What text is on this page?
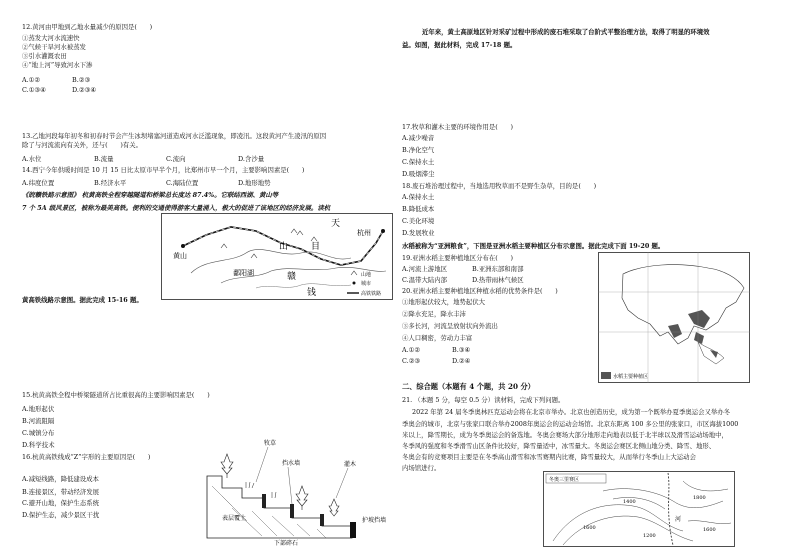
12.黄河由甲地到乙地水量减少的原因是(　　)
①蒸发大河水流速快
②气候干旱河水被蒸发
③引水灌溉农田
④“地上河”导致河水下渗
A.①②	B.②③
C.①③④	D.②③④
13.乙地河段每年初冬和初春时节会产生冰坝堵塞河道造成河水泛滥现象，即凌汛。这段黄河产生凌汛的原因
除了与河流流向有关外，还与(　　)有关。
A.水位	B.流量	C.流向	D.含沙量
14.西宁今年供暖时间是 10 月 15 日比太原市早半个月，比郑州市早一个月，主要影响因素是(　　)
A.纬度位置	B.经济水平	C.海陆位置	D.地形地势
《皖赣铁路示意图》 杭黄高铁全程穿越隧道和桥梁总长度达 87.4%。它联结西湖、黄山等
7 个 5A 级风景区，被称为最美高铁。便利的交通使得游客大量涌入，极大的促进了该地区的经济发展。读杭
黄山
天
杭州
山	目
鄱阳湖	赣
钱
山地
城市
高铁铁路
黄高铁线路示意图。据此完成 15-16 题。
15.杭黄高铁全程中桥梁隧道所占比重很高的主要影响因素是(　　)
A.地形起伏
B.河流阻隔
C.城镇分布
D.科学技术
16.杭黄高铁线成“Z”字形的主要原因是(　　)
A.减短线路，降低建设成本
B.连接景区，带动经济发展
C.避开山地，保护生态系统
D.保护生态，减少景区干扰
牧草
挡水墙	灌木
护坡挡墙
表层覆土
下部碎石
近年来，黄土高原地区针对采矿过程中形成的废石堆采取了台阶式平整治理方法，取得了明显的环境效
益。如图，据此材料，完成 17-18 题。
17.牧草和灌木主要的环境作用是(　　)
A.减少噪音
B.净化空气
C.保持水土
D.吸烟滞尘
18.废石堆治理过程中，当地选用牧草而不是野生杂草，目的是(　　)
A.保持水土
B.降低成本
C.美化环境
D.发展牧业
水稻被称为“亚洲粮食”，下图是亚洲水稻主要种植区分布示意图。据此完成下面 19-20 题。
19.亚洲水稻主要种植地区分布在(　　)
A.河流上游地区	B.亚洲东部和南部
C.温带大陆内部	D.热带雨林气候区
20.亚洲水稻主要种植地区种植水稻的优势条件是(　　)
①地形起伏较大，地势起伏大
②降水充足，降水丰沛
③多长河，河流呈放射状向外流出
④人口稠密，劳动力丰富
A.①②	B.③④
C.②③	D.②④
水稻主要种植区
二、综合题（本题有 4 个题，共 20 分）
21. （本题 5 分，每空 0.5 分）读材料，完成下列问题。
2022 年第 24 届冬季奥林匹克运动会将在北京市举办。北京也创造历史，成为第一个既举办夏季奥运会又举办冬
季奥会的城市，北京与张家口联合举办2008年奥运会的运动会场馆。北京东距离 100 多公里的张家口，市区海拔1000
米以上，降雪期长，成为冬季奥运会的备选地。冬奥会赛场大部分地形走向地表以低于北半球以及滑雪运动场地中，
冬季风的强度和冬季滑雪山区条件比较好，降雪量适中，冰雪量大。冬奥运会赛区北侧山地分类、降雪、地形、
冬奥会有的竞赛项目主要是在冬季高山滑雪和冰雪赛期内比赛，降雪量较大，从而举行冬季山上大运动会
内场馆进行。
冬奥三里赛区
1400
1600
1800
河
1600
1200
